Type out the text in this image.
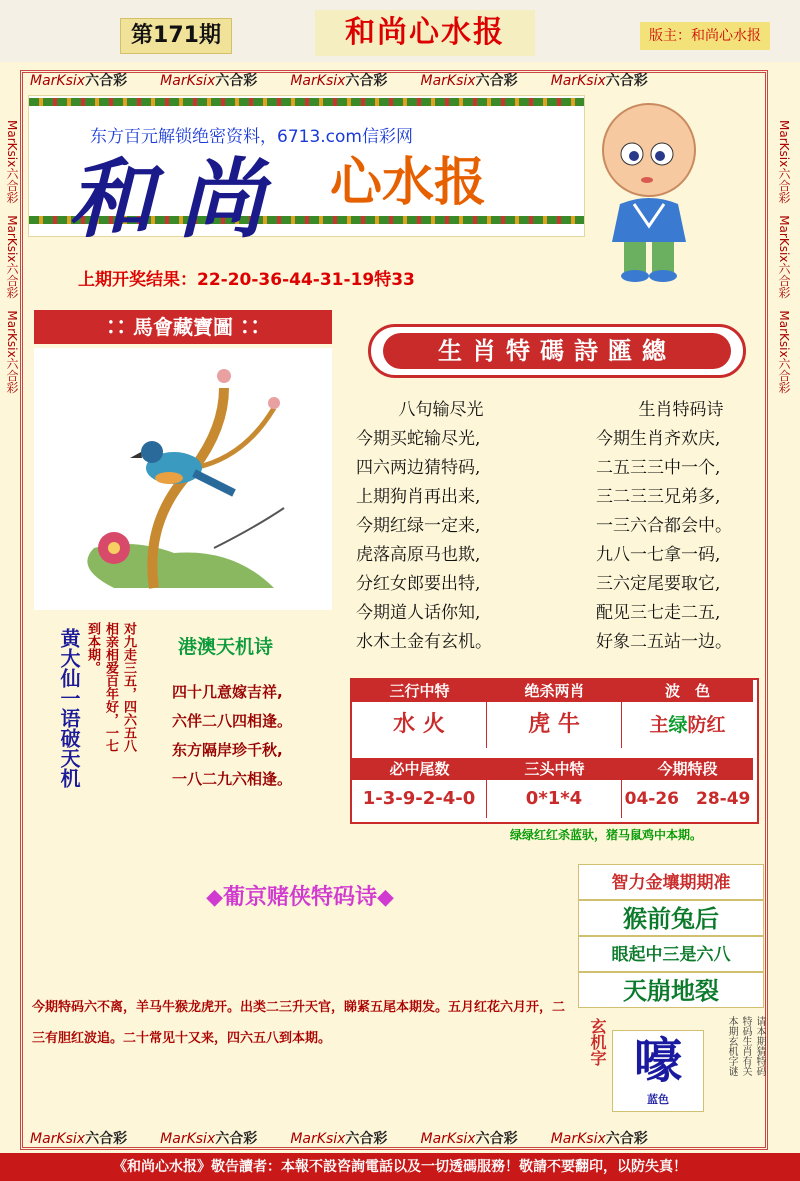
第171期	和尚心水报	版主：和尚心水报
MarKsix六合彩 MarKsix六合彩 MarKsix六合彩 MarKsix六合彩 MarKsix六合彩
MarKsix六合彩　MarKsix六合彩　MarKsix六合彩
MarKsix六合彩　MarKsix六合彩　MarKsix六合彩
和尚 心水报
东方百元解锁绝密资料，6713.com信彩网
上期开奖结果：22-20-36-44-31-19特33
∷ 馬會藏寶圖 ∷
生肖特碼詩匯總
八句输尽光
今期买蛇输尽光,
四六两边猜特码,
上期狗肖再出来,
今期红绿一定来,
虎落高原马也欺,
分红女郎要出特,
今期道人话你知,
水木土金有玄机。
生肖特码诗
今期生肖齐欢庆,
二五三三中一个,
三二三三兄弟多,
一三六合都会中。
九八一七拿一码,
三六定尾要取它,
配见三七走二五,
好象二五站一边。
黄大仙一语破天机 相亲相爱百年好，一七 对九走三五，四六五八
到本期。	港澳天机诗
四十几意嫁吉祥,
六伴二八四相逢。
东方隔岸珍千秋,
一八二九六相逢。
三行中特	绝杀两肖	波　色
水 火	虎 牛	主绿防红
必中尾数	三头中特	今期特段
1-3-9-2-4-0	0*1*4	04-26　28-49
绿绿红红杀蓝驮，猪马鼠鸡中本期。
◆葡京赌侠特码诗◆
今期特码六不离，羊马牛猴龙虎开。出类二三升天官，睇紧五尾本期发。五月红花六月开，二三有胆红波追。二十常见十又来，四六五八到本期。
智力金壤期期准
猴前兔后
眼起中三是六八
天崩地裂
玄机字 嚎
蓝色
请本期猜特码
特码生肖有关
本期玄机字谜
MarKsix六合彩 MarKsix六合彩 MarKsix六合彩 MarKsix六合彩 MarKsix六合彩
《和尚心水报》敬告讀者：本報不設咨詢電話以及一切透碼服務！敬請不要翻印，以防失真！
